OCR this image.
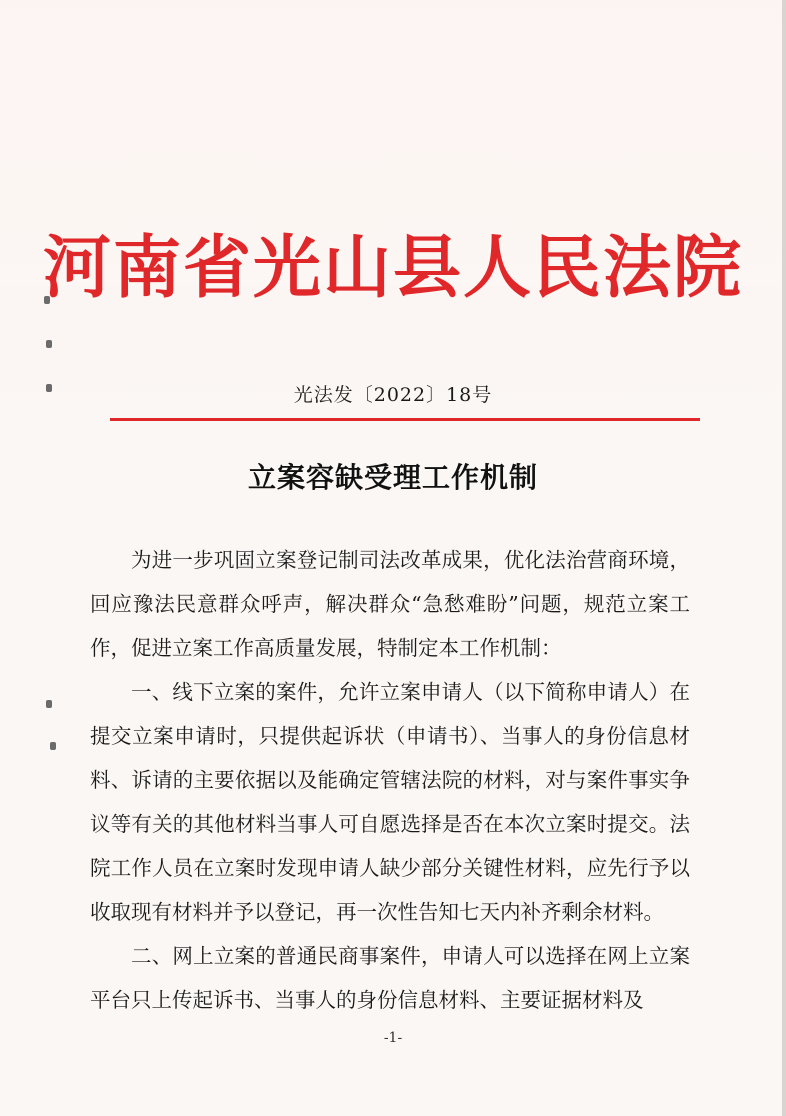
河南省光山县人民法院
光法发〔2022〕18号
立案容缺受理工作机制

为进一步巩固立案登记制司法改革成果，优化法治营商环境，回应豫法民意群众呼声，解决群众“急愁难盼”问题，规范立案工作，促进立案工作高质量发展，特制定本工作机制：

一、线下立案的案件，允许立案申请人（以下简称申请人）在提交立案申请时，只提供起诉状（申请书）、当事人的身份信息材料、诉请的主要依据以及能确定管辖法院的材料，对与案件事实争议等有关的其他材料当事人可自愿选择是否在本次立案时提交。法院工作人员在立案时发现申请人缺少部分关键性材料，应先行予以收取现有材料并予以登记，再一次性告知七天内补齐剩余材料。

二、网上立案的普通民商事案件，申请人可以选择在网上立案平台只上传起诉书、当事人的身份信息材料、主要证据材料及

-1-
